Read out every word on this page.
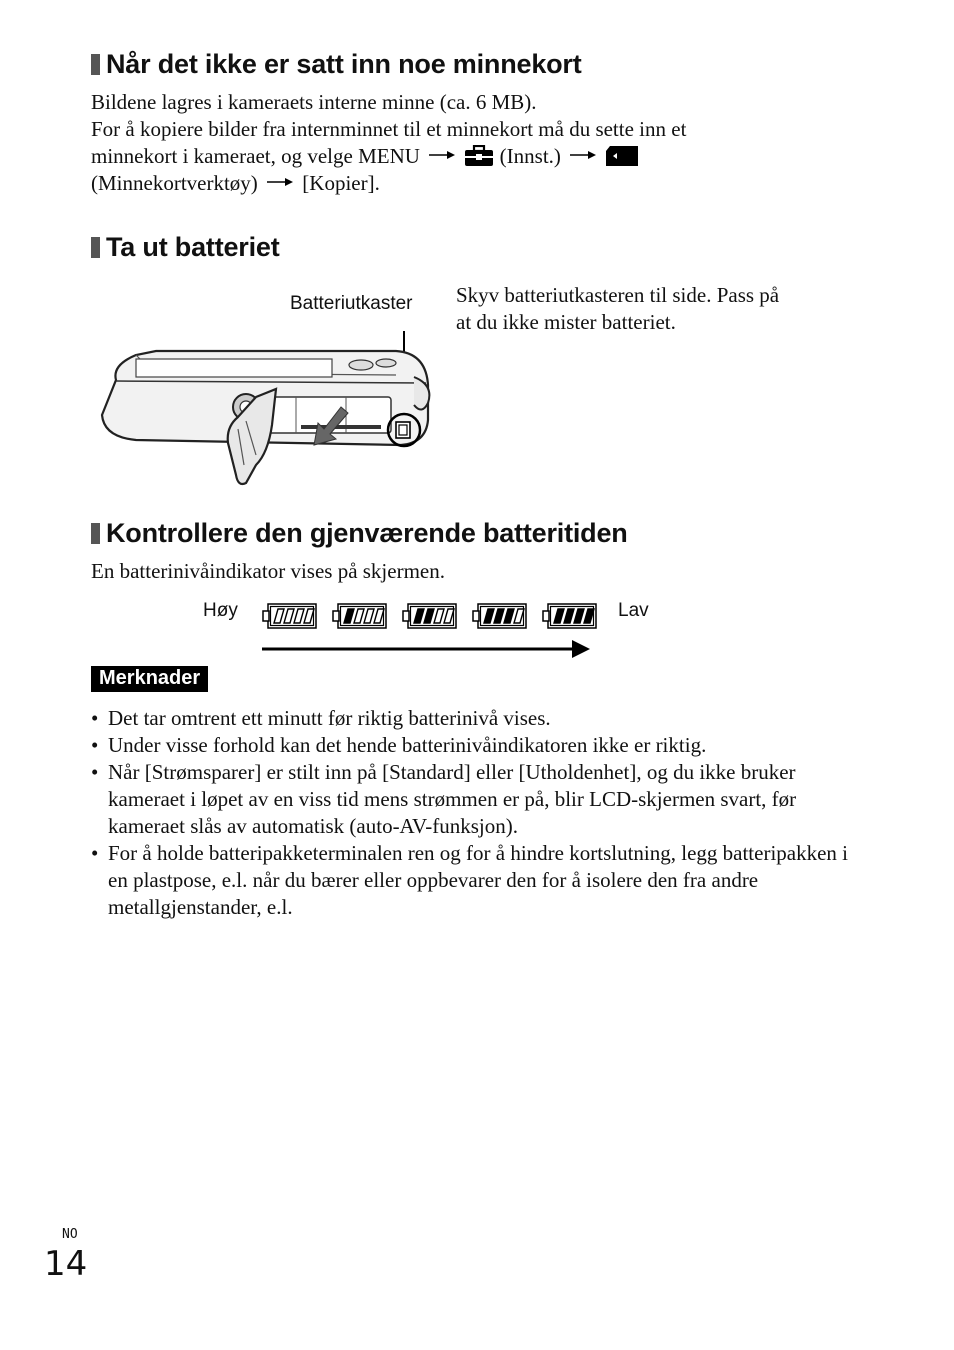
Når det ikke er satt inn noe minnekort
Bildene lagres i kameraets interne minne (ca. 6 MB).
For å kopiere bilder fra internminnet til et minnekort må du sette inn et
minnekort i kameraet, og velge MENU	(Innst.)
(Minnekortverktøy) [Kopier].
Ta ut batteriet
Batteriutkaster Skyv batteriutkasteren til side. Pass på
at du ikke mister batteriet.
Kontrollere den gjenværende batteritiden
En batterinivåindikator vises på skjermen.
Høy	Lav
Merknader
• Det tar omtrent ett minutt før riktig batterinivå vises.
• Under visse forhold kan det hende batterinivåindikatoren ikke er riktig.
• Når [Strømsparer] er stilt inn på [Standard] eller [Utholdenhet], og du ikke bruker kameraet i løpet av en viss tid mens strømmen er på, blir LCD-skjermen svart, før kameraet slås av automatisk (auto-AV-funksjon).
• For å holde batteripakketerminalen ren og for å hindre kortslutning, legg batteripakken i en plastpose, e.l. når du bærer eller oppbevarer den for å isolere den fra andre metallgjenstander, e.l.
NO
14
